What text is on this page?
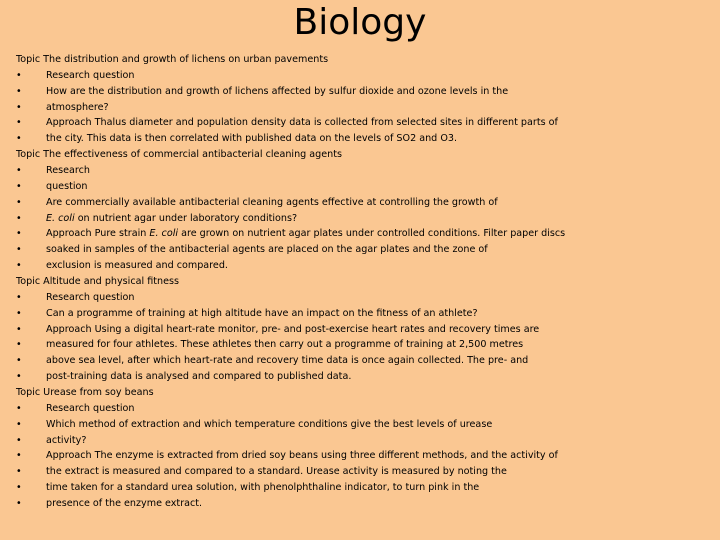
Biology
Topic The distribution and growth of lichens on urban pavements
•	Research question
•	How are the distribution and growth of lichens affected by sulfur dioxide and ozone levels in the
•	atmosphere?
•	Approach Thalus diameter and population density data is collected from selected sites in different parts of
•	the city. This data is then correlated with published data on the levels of SO2 and O3.
Topic The effectiveness of commercial antibacterial cleaning agents
•	Research
•	question
•	Are commercially available antibacterial cleaning agents effective at controlling the growth of
•	E. coli on nutrient agar under laboratory conditions?
•	Approach Pure strain E. coli are grown on nutrient agar plates under controlled conditions. Filter paper discs
•	soaked in samples of the antibacterial agents are placed on the agar plates and the zone of
•	exclusion is measured and compared.
Topic Altitude and physical fitness
•	Research question
•	Can a programme of training at high altitude have an impact on the fitness of an athlete?
•	Approach Using a digital heart-rate monitor, pre- and post-exercise heart rates and recovery times are
•	measured for four athletes. These athletes then carry out a programme of training at 2,500 metres
•	above sea level, after which heart-rate and recovery time data is once again collected. The pre- and
•	post-training data is analysed and compared to published data.
Topic Urease from soy beans
•	Research question
•	Which method of extraction and which temperature conditions give the best levels of urease
•	activity?
•	Approach The enzyme is extracted from dried soy beans using three different methods, and the activity of
•	the extract is measured and compared to a standard. Urease activity is measured by noting the
•	time taken for a standard urea solution, with phenolphthaline indicator, to turn pink in the
•	presence of the enzyme extract.
